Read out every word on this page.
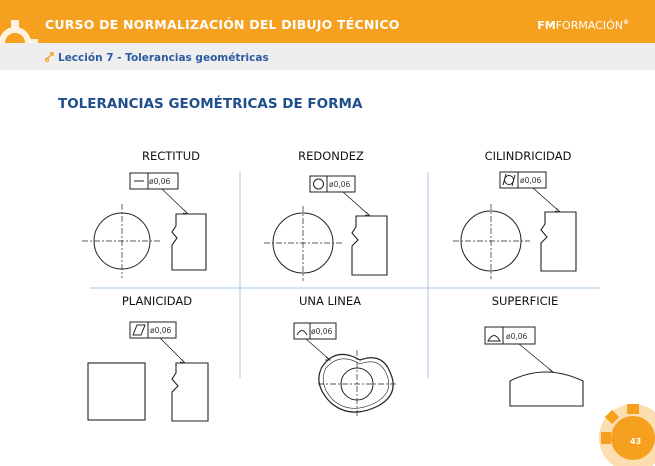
CURSO DE NORMALIZACIÓN DEL DIBUJO TÉCNICO	FMFORMACIÓN®
Lección 7 - Tolerancias geométricas
TOLERANCIAS GEOMÉTRICAS DE FORMA
RECTITUD	REDONDEZ	CILINDRICIDAD
PLANICIDAD	UNA LINEA	SUPERFICIE
ø0,06	ø0,06	ø0,06
ø0,06	ø0,06
ø0,06
43
